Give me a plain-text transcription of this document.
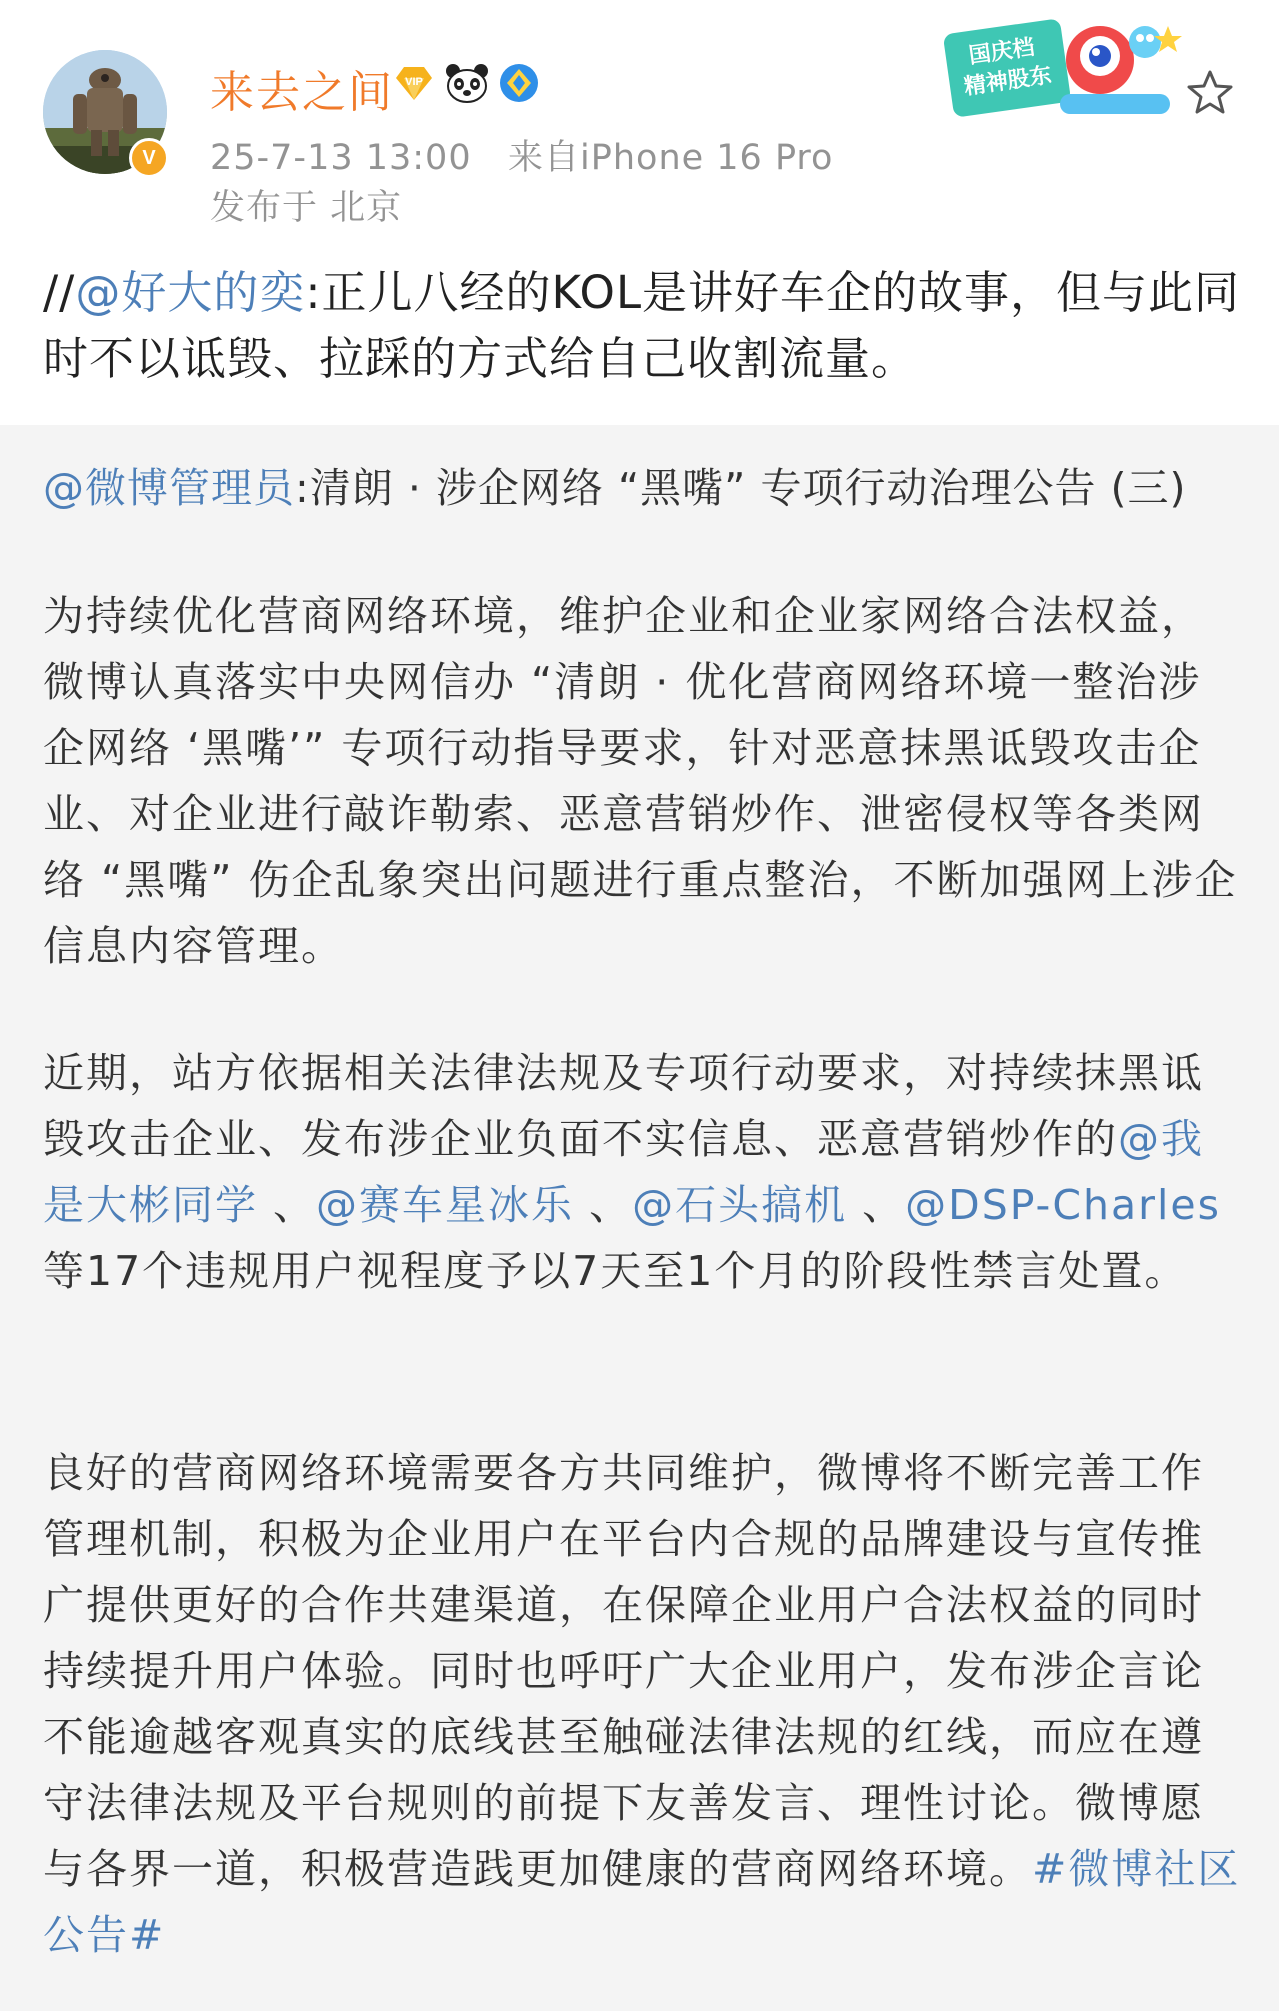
V
来去之间 VIP
25-7-13 13:00 来自iPhone 16 Pro
发布于 北京
国庆档
精神股东
//@好大的奕:正儿八经的KOL是讲好车企的故事，但与此同时不以诋毁、拉踩的方式给自己收割流量。
@微博管理员:清朗 · 涉企网络 “黑嘴” 专项行动治理公告 (三)
为持续优化营商网络环境，维护企业和企业家网络合法权益，微博认真落实中央网信办 “清朗 · 优化营商网络环境一整治涉企网络 ‘黑嘴’” 专项行动指导要求，针对恶意抹黑诋毁攻击企业、对企业进行敲诈勒索、恶意营销炒作、泄密侵权等各类网络 “黑嘴” 伤企乱象突出问题进行重点整治，不断加强网上涉企信息内容管理。
近期，站方依据相关法律法规及专项行动要求，对持续抹黑诋毁攻击企业、发布涉企业负面不实信息、恶意营销炒作的@我是大彬同学 、@赛车星冰乐 、@石头搞机 、@DSP-Charles 等17个违规用户视程度予以7天至1个月的阶段性禁言处置。
良好的营商网络环境需要各方共同维护，微博将不断完善工作管理机制，积极为企业用户在平台内合规的品牌建设与宣传推广提供更好的合作共建渠道，在保障企业用户合法权益的同时持续提升用户体验。同时也呼吁广大企业用户，发布涉企言论不能逾越客观真实的底线甚至触碰法律法规的红线，而应在遵守法律法规及平台规则的前提下友善发言、理性讨论。微博愿与各界一道，积极营造践更加健康的营商网络环境。#微博社区公告#
